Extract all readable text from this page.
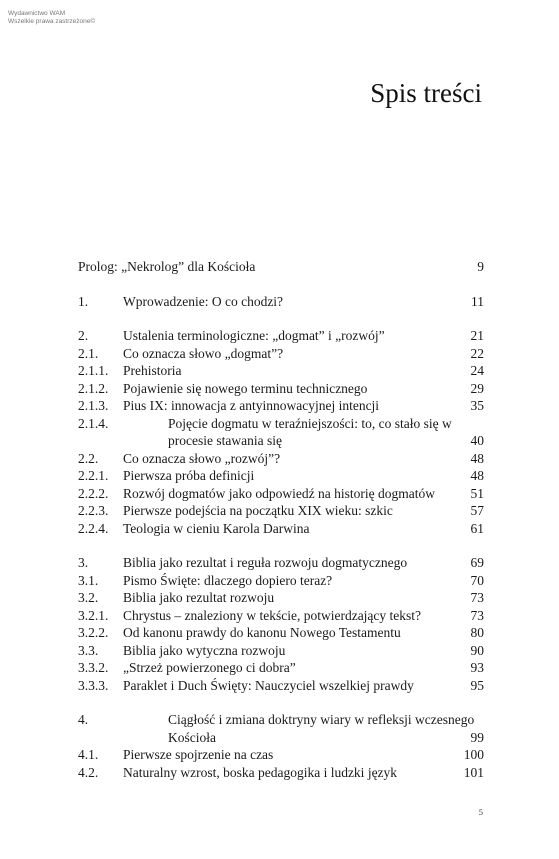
Wydawnictwo WAM
Wszelkie prawa zastrzeżone©
Spis treści
Prolog: „Nekrolog” dla Kościoła	9
1.	Wprowadzenie: O co chodzi?	11
2.	Ustalenia terminologiczne: „dogmat” i „rozwój”	21
2.1. Co oznacza słowo „dogmat”?	22
2.1.1. Prehistoria	24
2.1.2. Pojawienie się nowego terminu technicznego	29
2.1.3. Pius IX: innowacja z antyinnowacyjnej intencji	35
2.1.4.	Pojęcie dogmatu w teraźniejszości: to, co stało się w procesie stawania się	40
2.2. Co oznacza słowo „rozwój”?	48
2.2.1. Pierwsza próba definicji	48
2.2.2. Rozwój dogmatów jako odpowiedź na historię dogmatów	51
2.2.3. Pierwsze podejścia na początku XIX wieku: szkic	57
2.2.4. Teologia w cieniu Karola Darwina	61
3.	Biblia jako rezultat i reguła rozwoju dogmatycznego	69
3.1. Pismo Święte: dlaczego dopiero teraz?	70
3.2. Biblia jako rezultat rozwoju	73
3.2.1. Chrystus – znaleziony w tekście, potwierdzający tekst?	73
3.2.2. Od kanonu prawdy do kanonu Nowego Testamentu	80
3.3. Biblia jako wytyczna rozwoju	90
3.3.2. „Strzeż powierzonego ci dobra”	93
3.3.3. Paraklet i Duch Święty: Nauczyciel wszelkiej prawdy	95
4.	Ciągłość i zmiana doktryny wiary w refleksji wczesnego Kościoła	99
4.1. Pierwsze spojrzenie na czas	100
4.2. Naturalny wzrost, boska pedagogika i ludzki język	101
5
